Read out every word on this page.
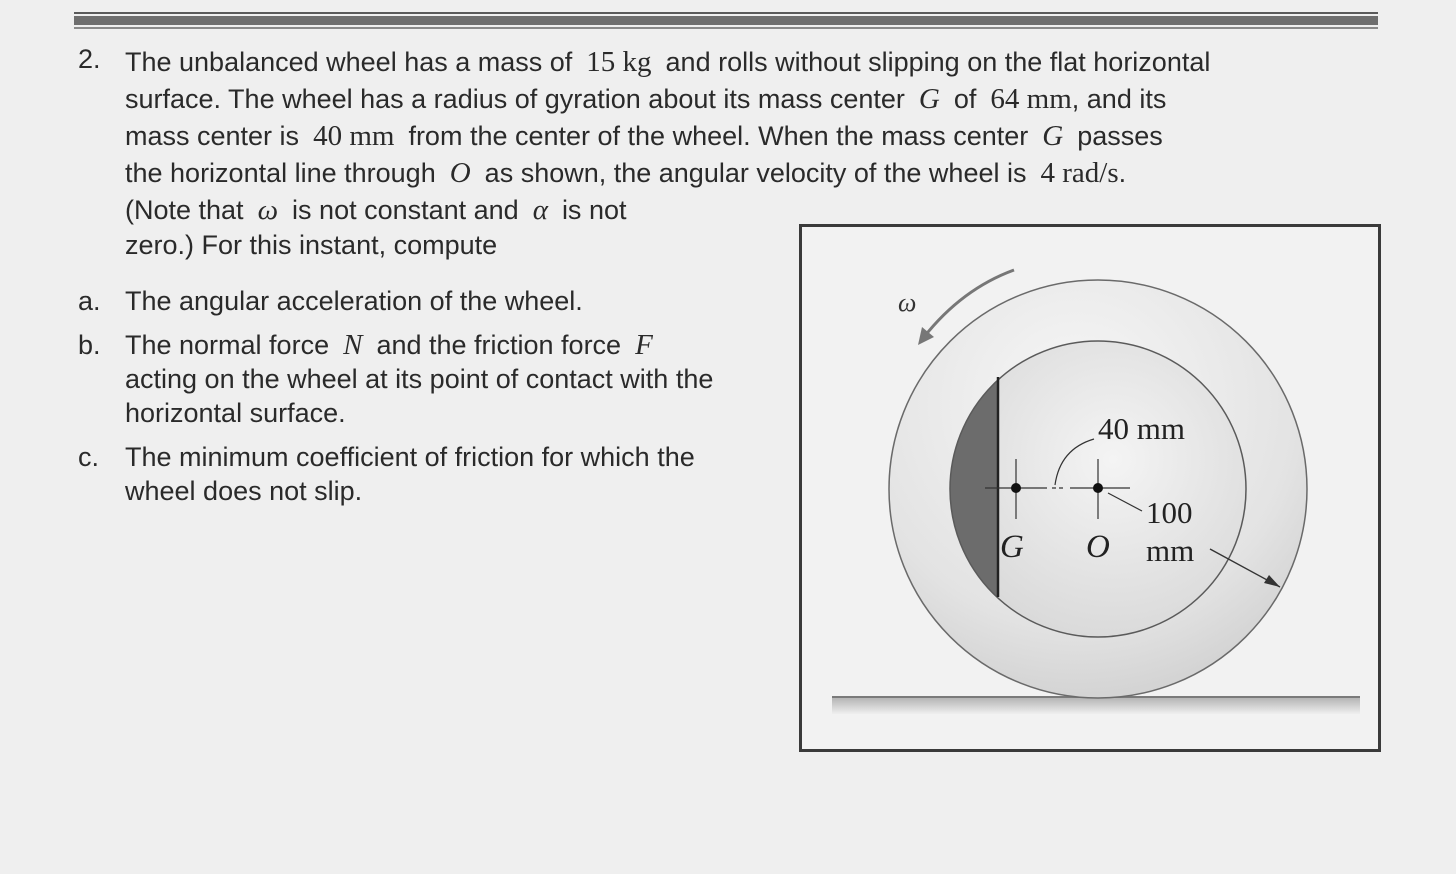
2. The unbalanced wheel has a mass of 15 kg and rolls without slipping on the flat horizontal
surface. The wheel has a radius of gyration about its mass center G of 64 mm, and its
mass center is 40 mm from the center of the wheel. When the mass center G passes
the horizontal line through O as shown, the angular velocity of the wheel is 4 rad/s.
(Note that ω is not constant and α is not
zero.) For this instant, compute
a. The angular acceleration of the wheel.
b. The normal force N and the friction force F
acting on the wheel at its point of contact with the
horizontal surface.
c. The minimum coefficient of friction for which the
wheel does not slip.
ω
40 mm
100
mm
G O
